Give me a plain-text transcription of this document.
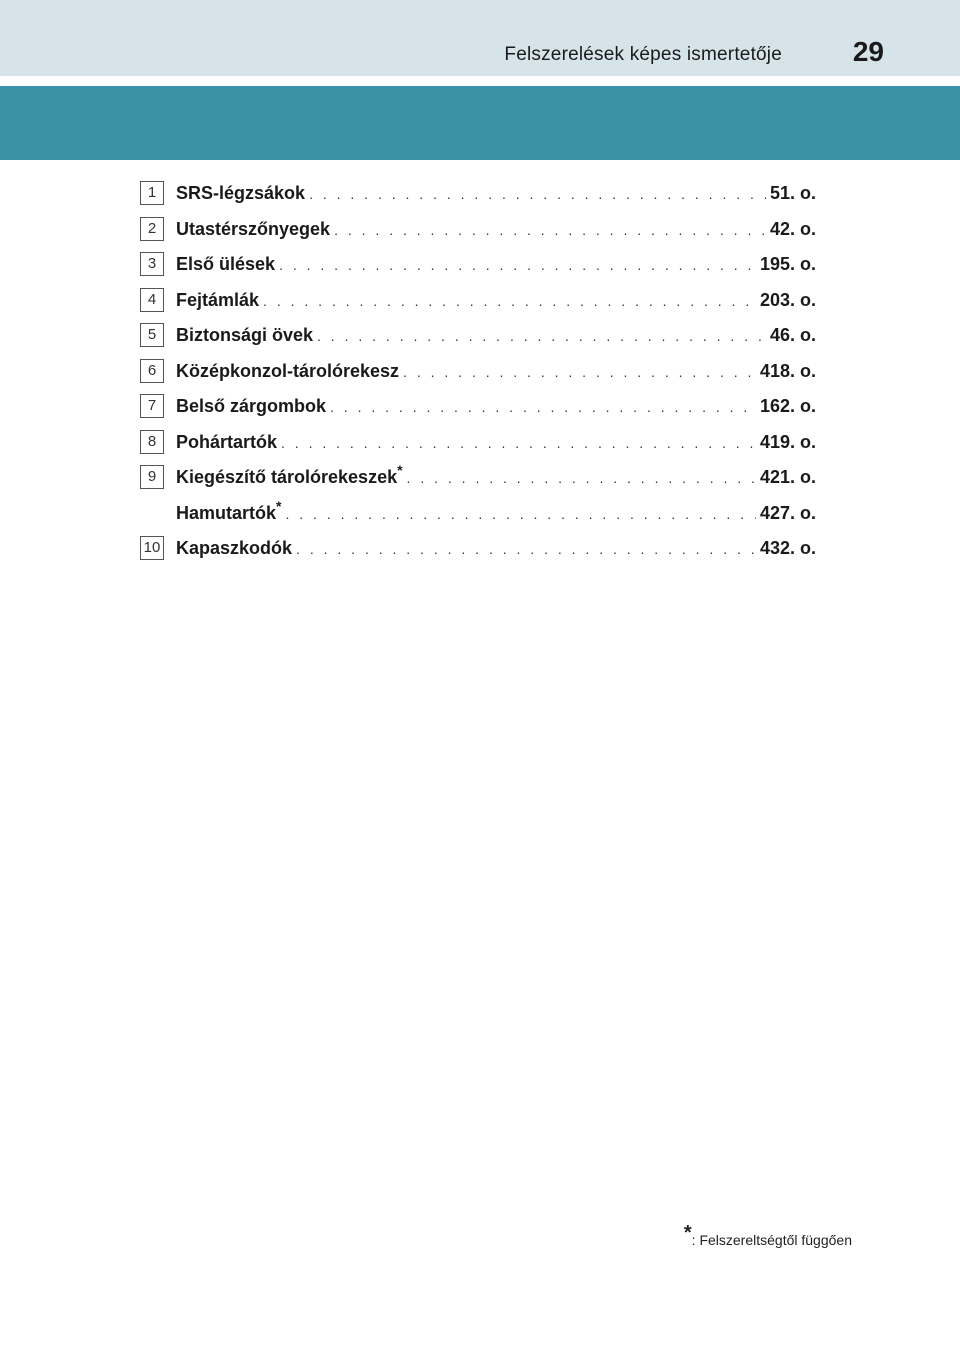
Felszerelések képes ismertetője	29
1	SRS-légzsákok . . .	51. o.
2	Utastérszőnyegek . . .	42. o.
3	Első ülések . . .	195. o.
4	Fejtámlák . . .	203. o.
5	Biztonsági övek . . .	46. o.
6	Középkonzol-tárolórekesz . . .	418. o.
7	Belső zárgombok . . .	162. o.
8	Pohártartók . . .	419. o.
9	Kiegészítő tárolórekeszek* . . .	421. o.
Hamutartók* . . .	427. o.
10 Kapaszkodók . . .	432. o.
*: Felszereltségtől függően
